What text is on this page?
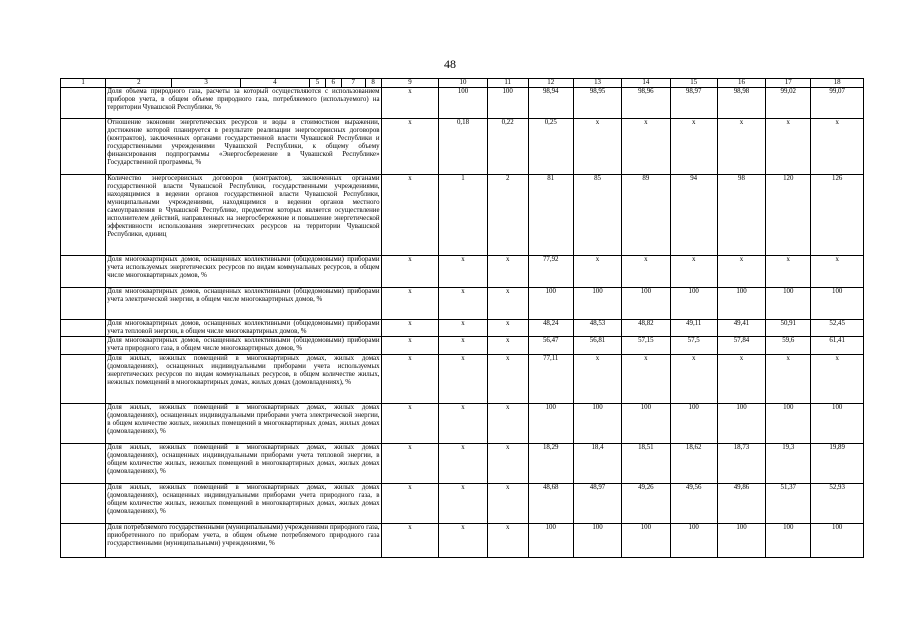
48
1	2	3	4	5	6	7	8	9	10	11	12	13	14	15	16	17	18
	Доля объема природного газа, расчеты за который осуществляются с использованием приборов учета, в общем объеме природного газа, потребляемого (используемого) на территории Чувашской Республики, %							x	100	100	98,94	98,95	98,96	98,97	98,98	99,02	99,07
	Отношение экономии энергетических ресурсов и воды в стоимостном выражении, достижение которой планируется в результате реализации энергосервисных договоров (контрактов), заключенных органами государственной власти Чувашской Республики и государственными учреждениями Чувашской Республики, к общему объему финансирования подпрограммы «Энергосбережение в Чувашской Республике» Государственной программы, %							x	0,18	0,22	0,25	x	x	x	x	x	x
	Количество энергосервисных договоров (контрактов), заключенных органами государственной власти Чувашской Республики, государственными учреждениями, находящимися в ведении органов государственной власти Чувашской Республики, муниципальными учреждениями, находящимися в ведении органов местного самоуправления в Чувашской Республике, предметом которых является осуществление исполнителем действий, направленных на энергосбережение и повышение энергетической эффективности использования энергетических ресурсов на территории Чувашской Республики, единиц							x	1	2	81	85	89	94	98	120	126
	Доля многоквартирных домов, оснащенных коллективными (общедомовыми) приборами учета используемых энергетических ресурсов по видам коммунальных ресурсов, в общем числе многоквартирных домов, %							x	x	x	77,92	x	x	x	x	x	x
	Доля многоквартирных домов, оснащенных коллективными (общедомовыми) приборами учета электрической энергии, в общем числе многоквартирных домов, %							x	x	x	100	100	100	100	100	100	100
	Доля многоквартирных домов, оснащенных коллективными (общедомовыми) приборами учета тепловой энергии, в общем числе многоквартирных домов, %							x	x	x	48,24	48,53	48,82	49,11	49,41	50,91	52,45
	Доля многоквартирных домов, оснащенных коллективными (общедомовыми) приборами учета природного газа, в общем числе многоквартирных домов, %							x	x	x	56,47	56,81	57,15	57,5	57,84	59,6	61,41
	Доля жилых, нежилых помещений в многоквартирных домах, жилых домах (домовладениях), оснащенных индивидуальными приборами учета используемых энергетических ресурсов по видам коммунальных ресурсов, в общем количестве жилых, нежилых помещений в многоквартирных домах, жилых домах (домовладениях), %							x	x	x	77,11	x	x	x	x	x	x
	Доля жилых, нежилых помещений в многоквартирных домах, жилых домах (домовладениях), оснащенных индивидуальными приборами учета электрической энергии, в общем количестве жилых, нежилых помещений в многоквартирных домах, жилых домах (домовладениях), %							x	x	x	100	100	100	100	100	100	100
	Доля жилых, нежилых помещений в многоквартирных домах, жилых домах (домовладениях), оснащенных индивидуальными приборами учета тепловой энергии, в общем количестве жилых, нежилых помещений в многоквартирных домах, жилых домах (домовладениях), %							x	x	x	18,29	18,4	18,51	18,62	18,73	19,3	19,89
	Доля жилых, нежилых помещений в многоквартирных домах, жилых домах (домовладениях), оснащенных индивидуальными приборами учета природного газа, в общем количестве жилых, нежилых помещений в многоквартирных домах, жилых домах (домовладениях), %							x	x	x	48,68	48,97	49,26	49,56	49,86	51,37	52,93
	Доля потребляемого государственными (муниципальными) учреждениями природного газа, приобретенного по приборам учета, в общем объеме потребляемого природного газа государственными (муниципальными) учреждениями, %							x	x	x	100	100	100	100	100	100	100
